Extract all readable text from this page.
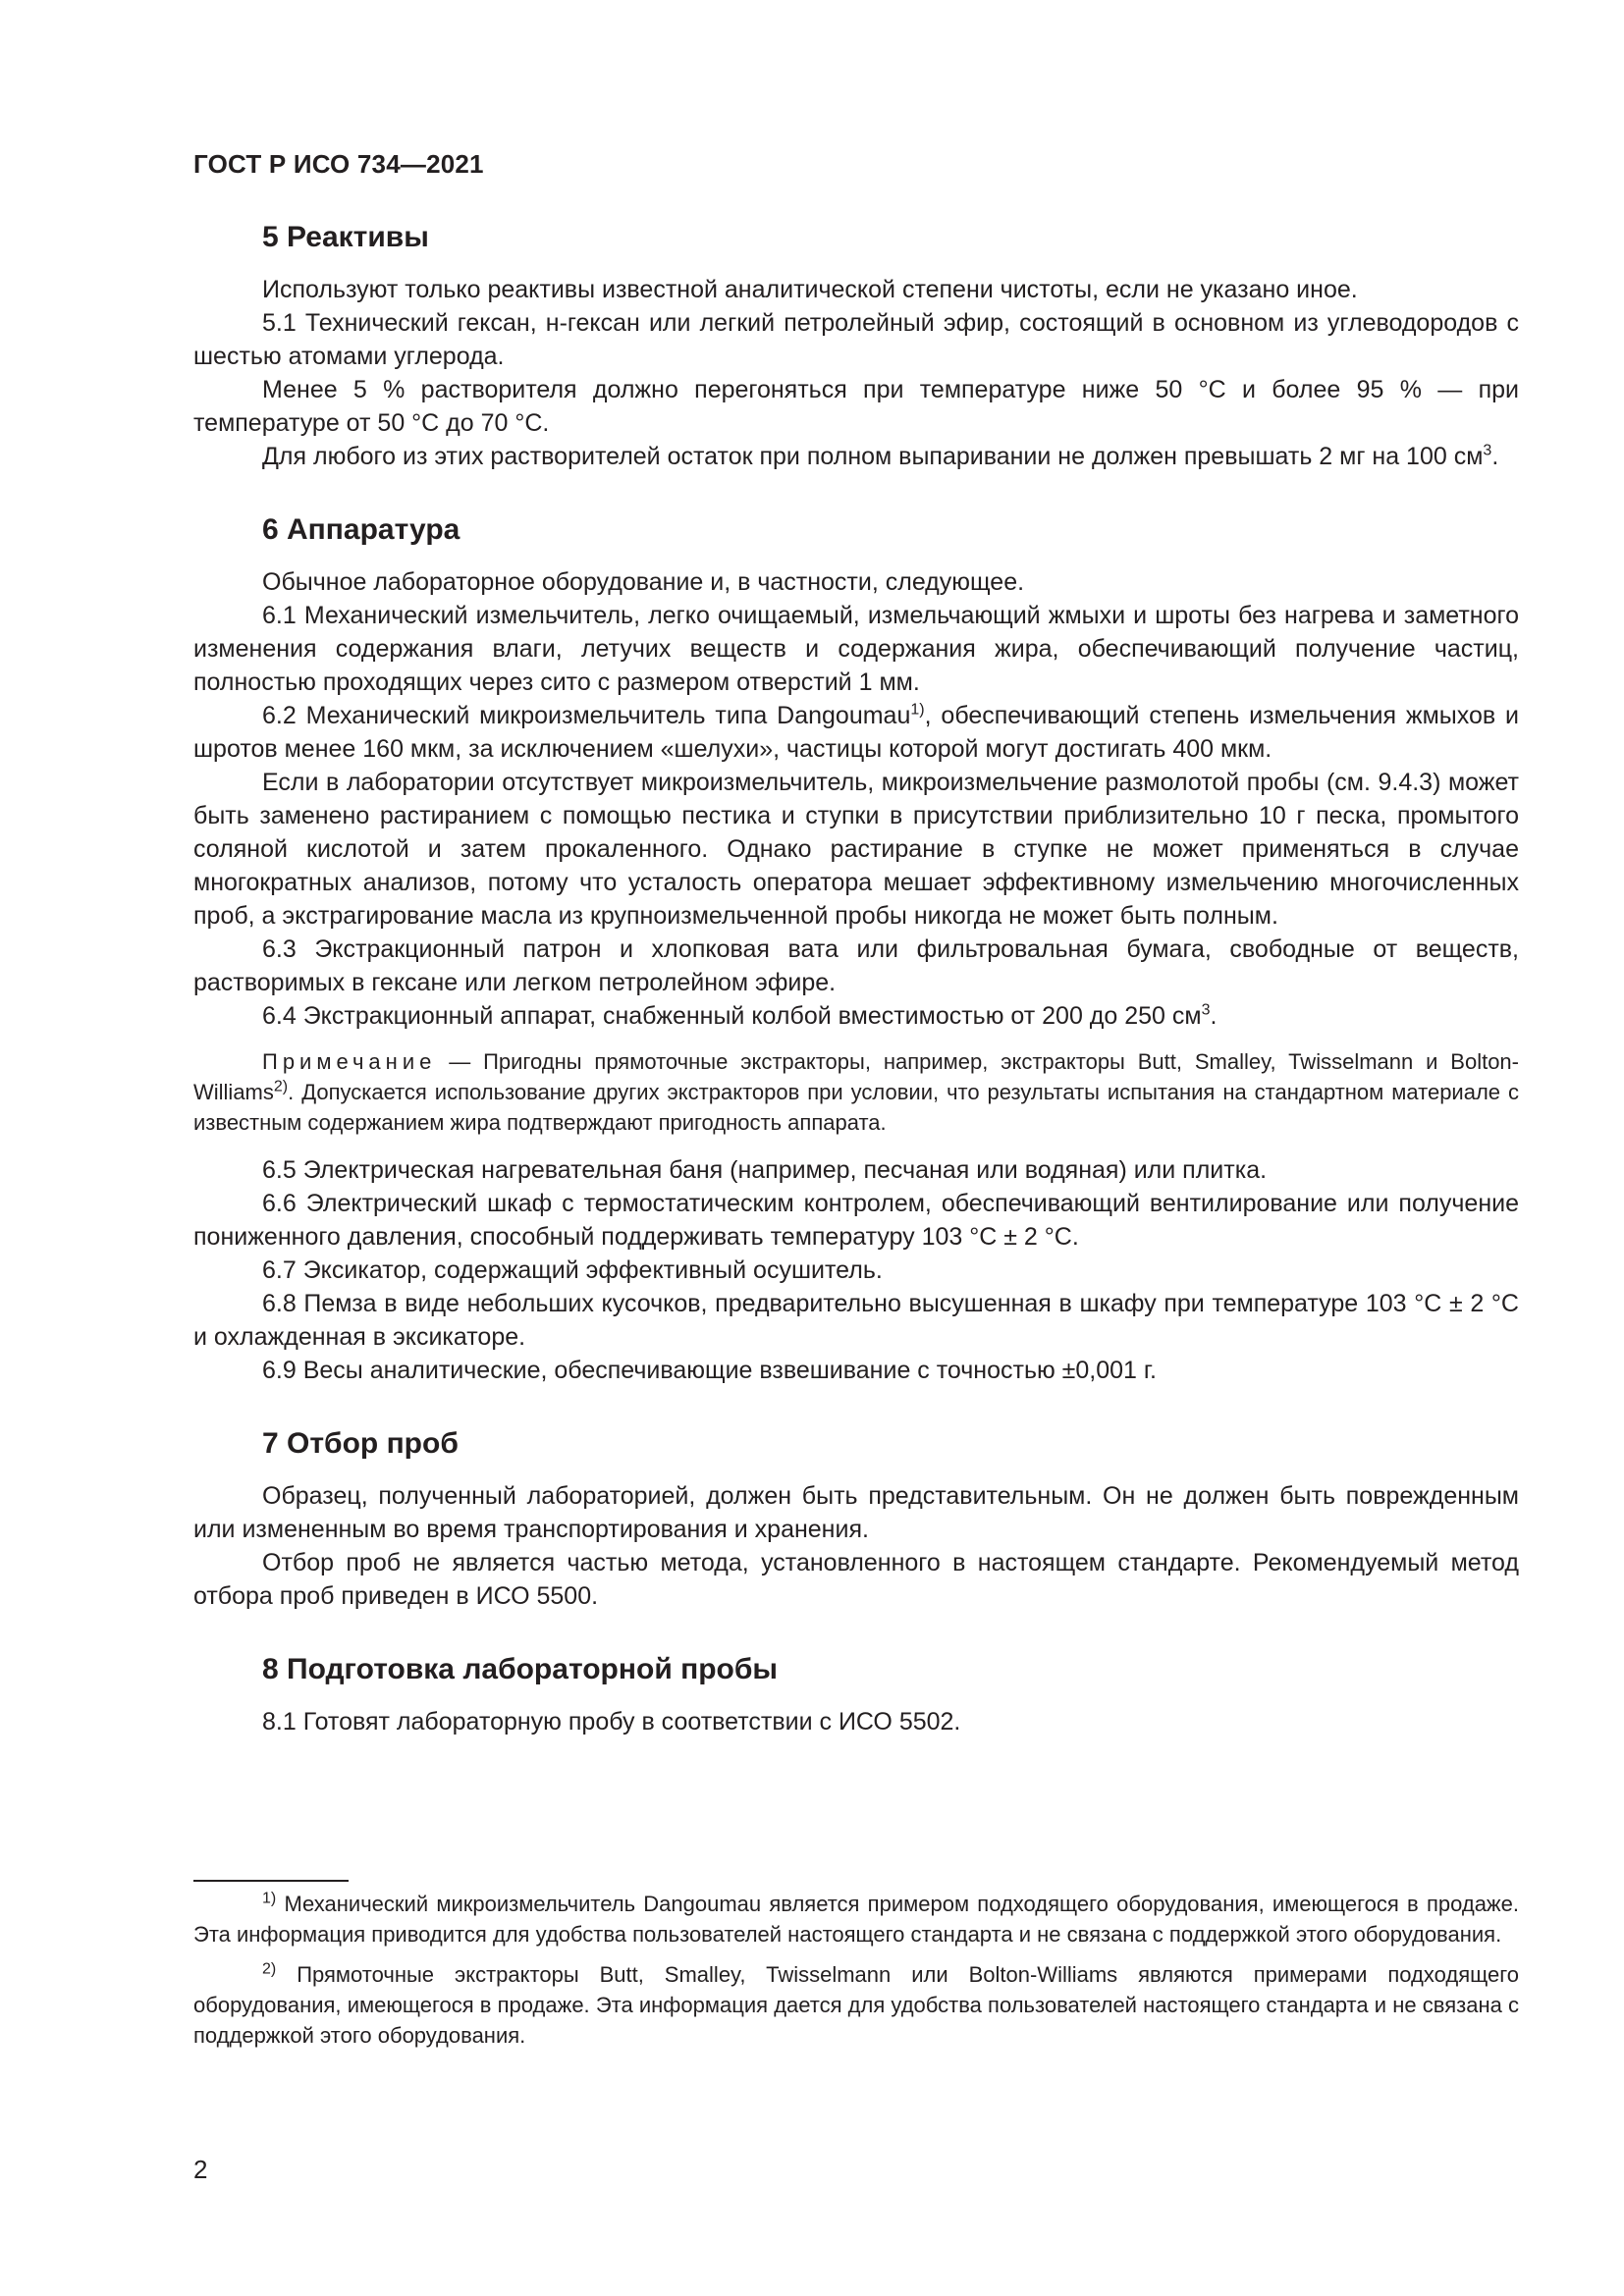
ГОСТ Р ИСО 734—2021
5 Реактивы

Используют только реактивы известной аналитической степени чистоты, если не указано иное.

5.1 Технический гексан, н-гексан или легкий петролейный эфир, состоящий в основном из углеводородов с шестью атомами углерода.

Менее 5 % растворителя должно перегоняться при температуре ниже 50 °С и более 95 % — при температуре от 50 °С до 70 °С.

Для любого из этих растворителей остаток при полном выпаривании не должен превышать 2 мг на 100 $см^3$.

6 Аппаратура

Обычное лабораторное оборудование и, в частности, следующее.

6.1 Механический измельчитель, легко очищаемый, измельчающий жмыхи и шроты без нагрева и заметного изменения содержания влаги, летучих веществ и содержания жира, обеспечивающий получение частиц, полностью проходящих через сито с размером отверстий 1 мм.

6.2 Механический микроизмельчитель типа Dangoumau$^{1)}$, обеспечивающий степень измельчения жмыхов и шротов менее 160 мкм, за исключением «шелухи», частицы которой могут достигать 400 мкм.

Если в лаборатории отсутствует микроизмельчитель, микроизмельчение размолотой пробы (см. 9.4.3) может быть заменено растиранием с помощью пестика и ступки в присутствии приблизительно 10 г песка, промытого соляной кислотой и затем прокаленного. Однако растирание в ступке не может применяться в случае многократных анализов, потому что усталость оператора мешает эффективному измельчению многочисленных проб, а экстрагирование масла из крупноизмельченной пробы никогда не может быть полным.

6.3 Экстракционный патрон и хлопковая вата или фильтровальная бумага, свободные от веществ, растворимых в гексане или легком петролейном эфире.

6.4 Экстракционный аппарат, снабженный колбой вместимостью от 200 до 250 $см^3$.

Примечание — Пригодны прямоточные экстракторы, например, экстракторы Butt, Smalley, Twisselmann и Bolton-Williams$^{2)}$. Допускается использование других экстракторов при условии, что результаты испытания на стандартном материале с известным содержанием жира подтверждают пригодность аппарата.

6.5 Электрическая нагревательная баня (например, песчаная или водяная) или плитка.

6.6 Электрический шкаф с термостатическим контролем, обеспечивающий вентилирование или получение пониженного давления, способный поддерживать температуру 103 °С ± 2 °С.

6.7 Эксикатор, содержащий эффективный осушитель.

6.8 Пемза в виде небольших кусочков, предварительно высушенная в шкафу при температуре 103 °С ± 2 °С и охлажденная в эксикаторе.

6.9 Весы аналитические, обеспечивающие взвешивание с точностью ±0,001 г.

7 Отбор проб

Образец, полученный лабораторией, должен быть представительным. Он не должен быть поврежденным или измененным во время транспортирования и хранения.

Отбор проб не является частью метода, установленного в настоящем стандарте. Рекомендуемый метод отбора проб приведен в ИСО 5500.

8 Подготовка лабораторной пробы

8.1 Готовят лабораторную пробу в соответствии с ИСО 5502.

$^{1)}$ Механический микроизмельчитель Dangoumau является примером подходящего оборудования, имеющегося в продаже. Эта информация приводится для удобства пользователей настоящего стандарта и не связана с поддержкой этого оборудования.

$^{2)}$ Прямоточные экстракторы Butt, Smalley, Twisselmann или Bolton-Williams являются примерами подходящего оборудования, имеющегося в продаже. Эта информация дается для удобства пользователей настоящего стандарта и не связана с поддержкой этого оборудования.

2
